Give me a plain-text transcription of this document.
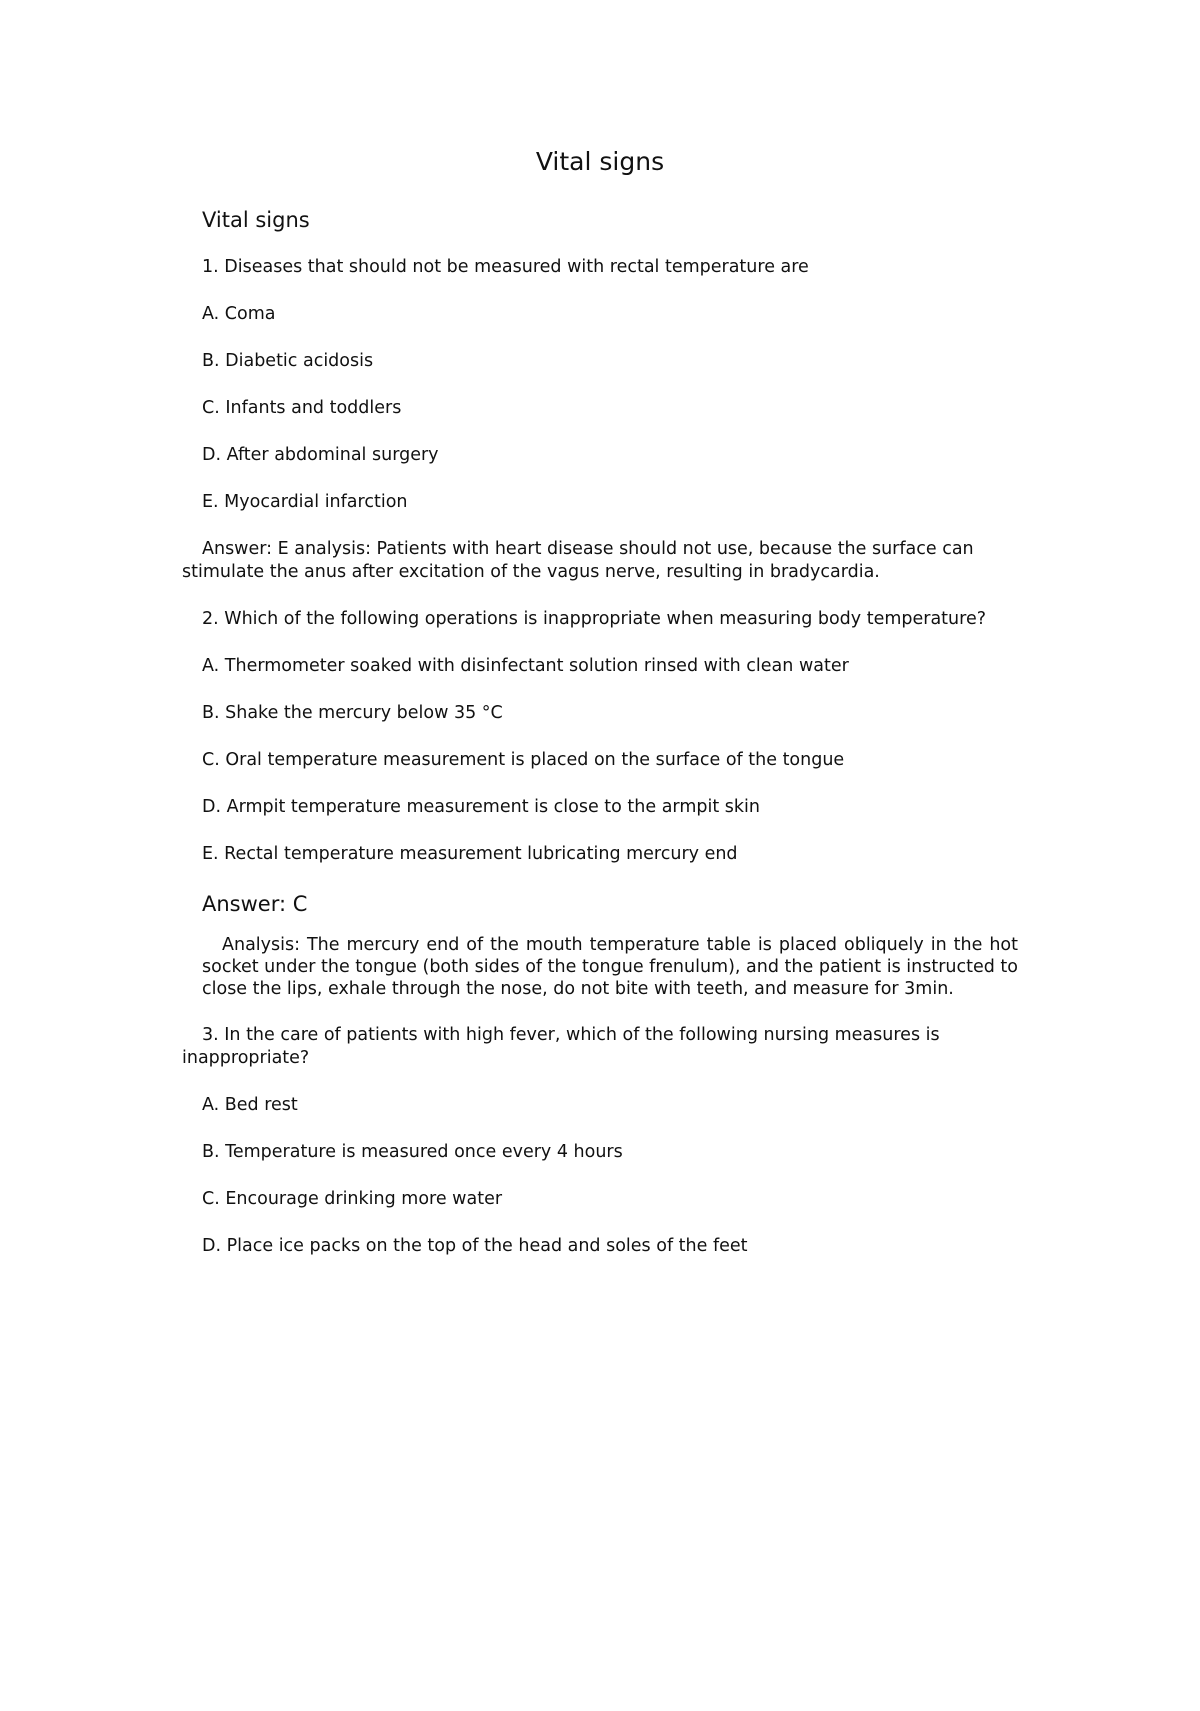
Vital signs
Vital signs

1. Diseases that should not be measured with rectal temperature are

A. Coma

B. Diabetic acidosis

C. Infants and toddlers

D. After abdominal surgery

E. Myocardial infarction

Answer: E analysis: Patients with heart disease should not use, because the surface can stimulate the anus after excitation of the vagus nerve, resulting in bradycardia.

2. Which of the following operations is inappropriate when measuring body temperature?

A. Thermometer soaked with disinfectant solution rinsed with clean water

B. Shake the mercury below 35 °C

C. Oral temperature measurement is placed on the surface of the tongue

D. Armpit temperature measurement is close to the armpit skin

E. Rectal temperature measurement lubricating mercury end

Answer: C

Analysis: The mercury end of the mouth temperature table is placed obliquely in the hot socket under the tongue (both sides of the tongue frenulum), and the patient is instructed to close the lips, exhale through the nose, do not bite with teeth, and measure for 3min.

3. In the care of patients with high fever, which of the following nursing measures is inappropriate?

A. Bed rest

B. Temperature is measured once every 4 hours

C. Encourage drinking more water

D. Place ice packs on the top of the head and soles of the feet
